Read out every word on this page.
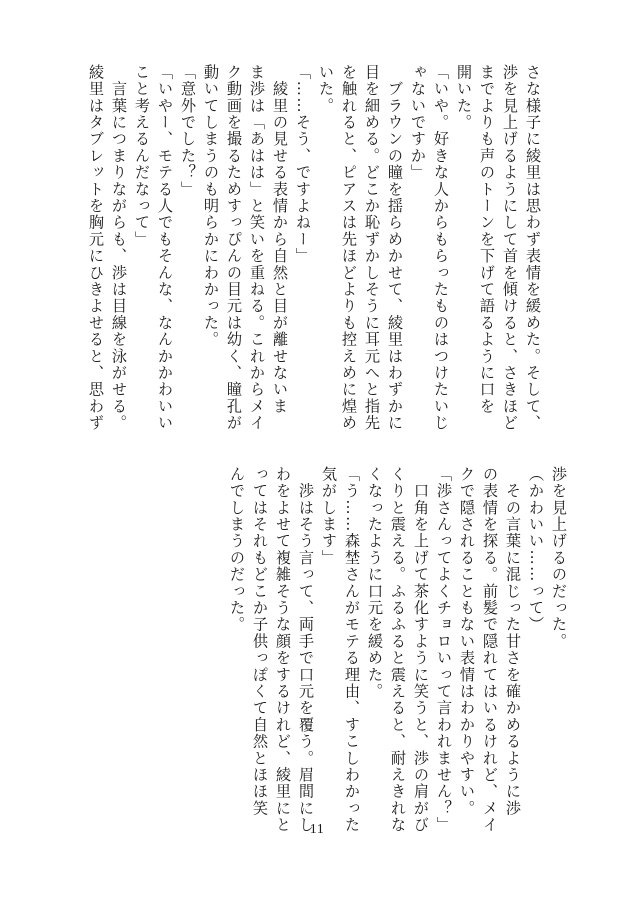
さな様子に綾里は思わず表情を緩めた。そして、
渉を見上げるようにして首を傾けると、さきほど
までよりも声のトーンを下げて語るように口を
開いた。
「いや。好きな人からもらったものはつけたいじ
ゃないですか」
　ブラウンの瞳を揺らめかせて、綾里はわずかに
目を細める。どこか恥ずかしそうに耳元へと指先
を触れると、ピアスは先ほどよりも控えめに煌め
いた。
「……そう、ですよねー」
　綾里の見せる表情から自然と目が離せないま
ま渉は「あはは」と笑いを重ねる。これからメイ
ク動画を撮るためすっぴんの目元は幼く、瞳孔が
動いてしまうのも明らかにわかった。
「意外でした？」
「いやー、モテる人でもそんな、なんかかわいい
こと考えるんだなって」
　言葉につまりながらも、渉は目線を泳がせる。
綾里はタブレットを胸元にひきよせると、思わず
渉を見上げるのだった。
（かわいい……って）
　その言葉に混じった甘さを確かめるように渉
の表情を探る。前髪で隠れてはいるけれど、メイ
クで隠されることもない表情はわかりやすい。
「渉さんってよくチョロいって言われません？」
　口角を上げて茶化すように笑うと、渉の肩がび
くりと震える。ふるふると震えると、耐えきれな
くなったように口元を緩めた。
「う……森埜さんがモテる理由、すこしわかった
気がします」
　渉はそう言って、両手で口元を覆う。眉間にし
わをよせて複雑そうな顔をするけれど、綾里にと
ってはそれもどこか子供っぽくて自然とほほ笑
んでしまうのだった。
11
